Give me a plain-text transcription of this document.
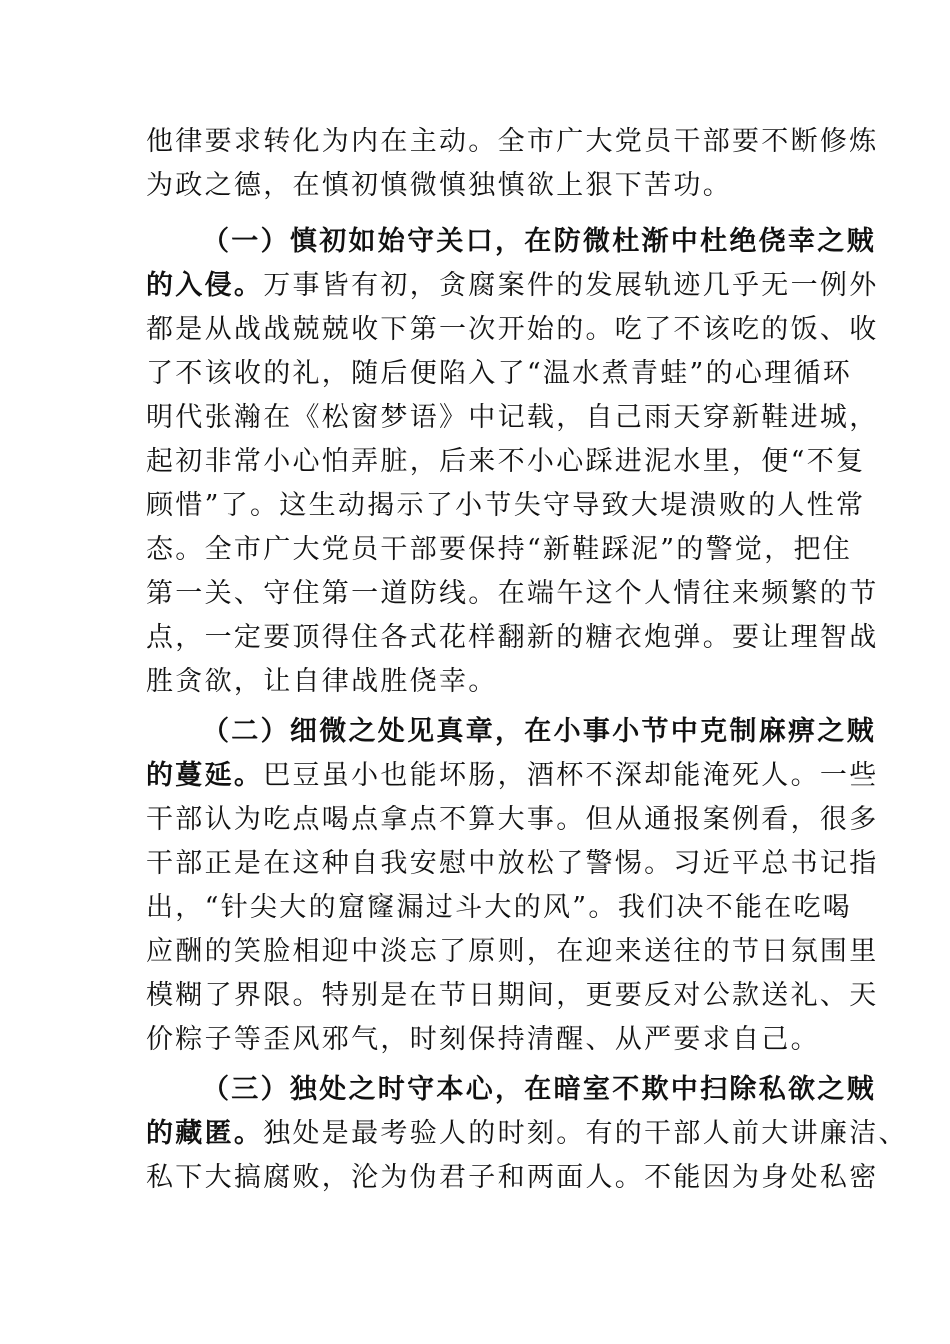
他律要求转化为内在主动。全市广大党员干部要不断修炼
为政之德，在慎初慎微慎独慎欲上狠下苦功。
（一）慎初如始守关口，在防微杜渐中杜绝侥幸之贼
的入侵。万事皆有初，贪腐案件的发展轨迹几乎无一例外
都是从战战兢兢收下第一次开始的。吃了不该吃的饭、收
了不该收的礼，随后便陷入了“温水煮青蛙”的心理循环
明代张瀚在《松窗梦语》中记载，自己雨天穿新鞋进城，
起初非常小心怕弄脏，后来不小心踩进泥水里，便“不复
顾惜”了。这生动揭示了小节失守导致大堤溃败的人性常
态。全市广大党员干部要保持“新鞋踩泥”的警觉，把住
第一关、守住第一道防线。在端午这个人情往来频繁的节
点，一定要顶得住各式花样翻新的糖衣炮弹。要让理智战
胜贪欲，让自律战胜侥幸。
（二）细微之处见真章，在小事小节中克制麻痹之贼
的蔓延。巴豆虽小也能坏肠，酒杯不深却能淹死人。一些
干部认为吃点喝点拿点不算大事。但从通报案例看，很多
干部正是在这种自我安慰中放松了警惕。习近平总书记指
出，“针尖大的窟窿漏过斗大的风”。我们决不能在吃喝
应酬的笑脸相迎中淡忘了原则，在迎来送往的节日氛围里
模糊了界限。特别是在节日期间，更要反对公款送礼、天
价粽子等歪风邪气，时刻保持清醒、从严要求自己。
（三）独处之时守本心，在暗室不欺中扫除私欲之贼
的藏匿。独处是最考验人的时刻。有的干部人前大讲廉洁、
私下大搞腐败，沦为伪君子和两面人。不能因为身处私密
